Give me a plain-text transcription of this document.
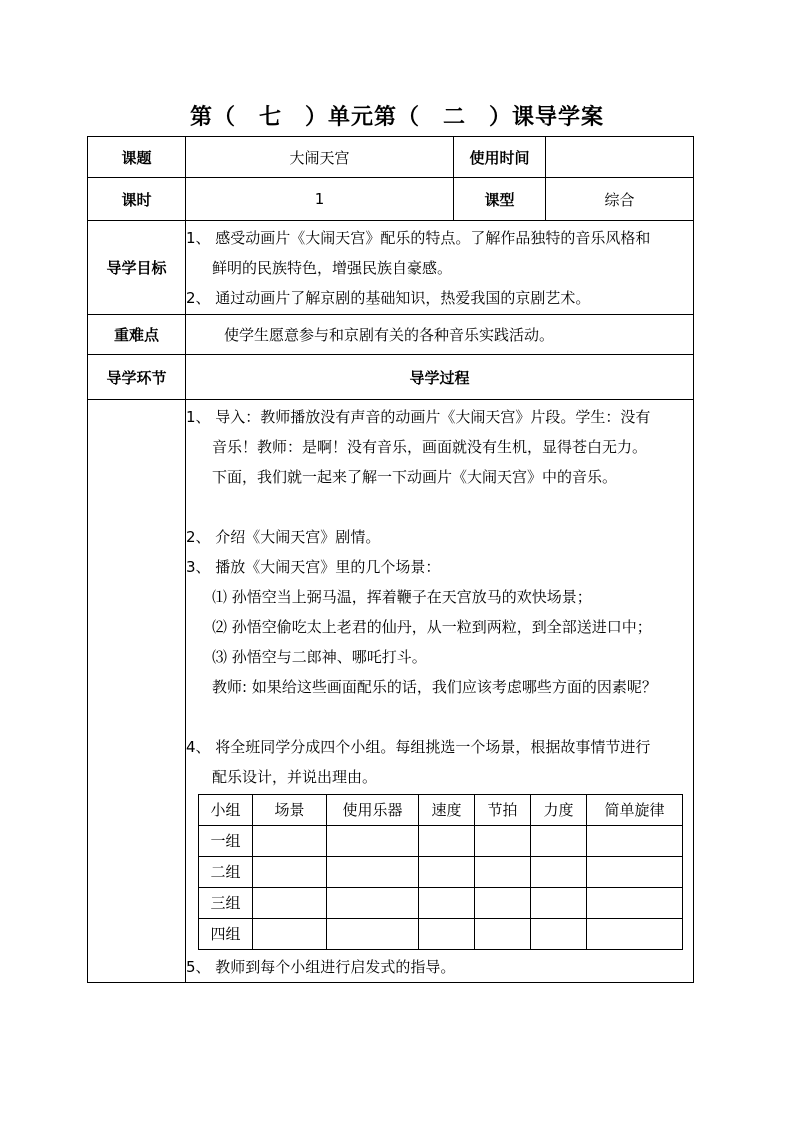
第（　七　）单元第（　二　）课导学案
课题	大闹天宫	使用时间	
课时	1	课型	综合
导学目标	

1、 感受动画片《大闹天宫》配乐的特点。了解作品独特的音乐风格和

鲜明的民族特色，增强民族自豪感。

2、 通过动画片了解京剧的基础知识，热爱我国的京剧艺术。

重难点	使学生愿意参与和京剧有关的各种音乐实践活动。
导学环节	导学过程

1、 导入：教师播放没有声音的动画片《大闹天宫》片段。学生：没有

音乐！教师：是啊！没有音乐，画面就没有生机，显得苍白无力。

下面，我们就一起来了解一下动画片《大闹天宫》中的音乐。

2、 介绍《大闹天宫》剧情。

3、 播放《大闹天宫》里的几个场景：

⑴ 孙悟空当上弼马温，挥着鞭子在天宫放马的欢快场景；

⑵ 孙悟空偷吃太上老君的仙丹，从一粒到两粒，到全部送进口中；

⑶ 孙悟空与二郎神、哪吒打斗。

教师: 如果给这些画面配乐的话，我们应该考虑哪些方面的因素呢？

4、 将全班同学分成四个小组。每组挑选一个场景，根据故事情节进行

配乐设计，并说出理由。

小组	场景	使用乐器	速度	节拍	力度	简单旋律
一组						
二组						
三组						
四组						

5、 教师到每个小组进行启发式的指导。
